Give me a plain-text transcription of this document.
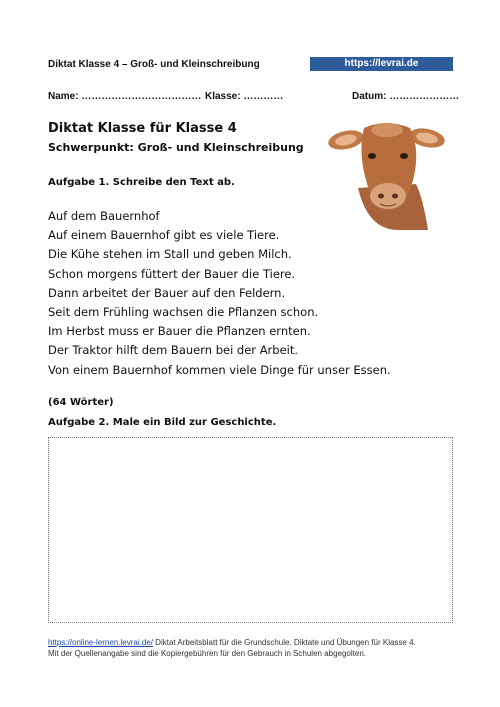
Diktat Klasse 4 – Groß- und Kleinschreibung	https://levrai.de
Name: ……………………………… Klasse: …………	Datum: …………………
Diktat Klasse für Klasse 4
Schwerpunkt: Groß- und Kleinschreibung
Aufgabe 1. Schreibe den Text ab.
Auf dem Bauernhof
Auf einem Bauernhof gibt es viele Tiere.
Die Kühe stehen im Stall und geben Milch.
Schon morgens füttert der Bauer die Tiere.
Dann arbeitet der Bauer auf den Feldern.
Seit dem Frühling wachsen die Pflanzen schon.
Im Herbst muss er Bauer die Pflanzen ernten.
Der Traktor hilft dem Bauern bei der Arbeit.
Von einem Bauernhof kommen viele Dinge für unser Essen.
(64 Wörter)
Aufgabe 2. Male ein Bild zur Geschichte.
https://online-lernen.levrai.de/ Diktat Arbeitsblatt für die Grundschule. Diktate und Übungen für Klasse 4.
Mit der Quellenangabe sind die Kopiergebühren für den Gebrauch in Schulen abgegolten.
